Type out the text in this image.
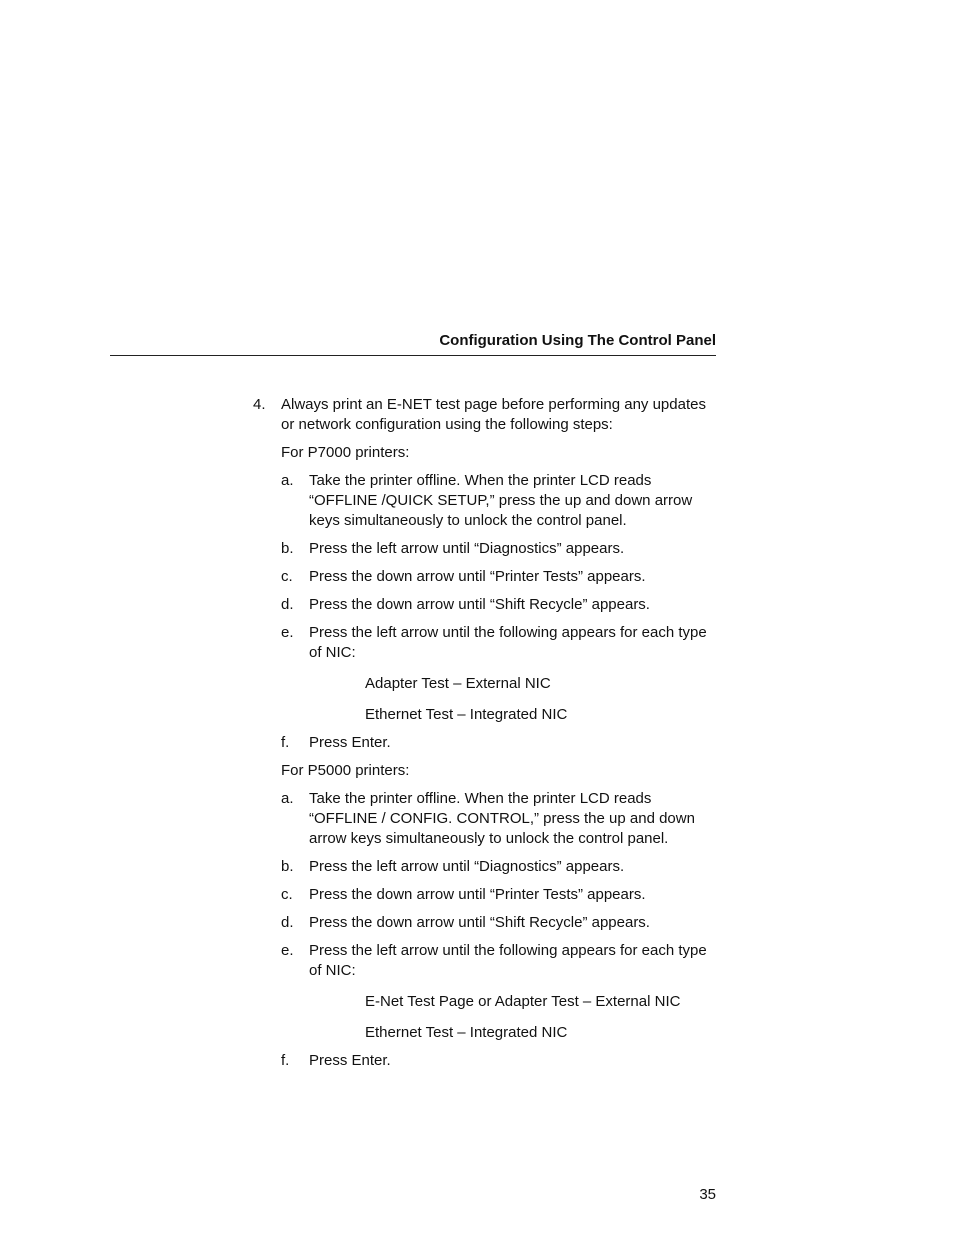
Configuration Using The Control Panel
4.	Always print an E-NET test page before performing any updates or network configuration using the following steps:
For P7000 printers:
a.	Take the printer offline. When the printer LCD reads “OFFLINE /QUICK SETUP,” press the up and down arrow keys simultaneously to unlock the control panel.
b.	Press the left arrow until “Diagnostics” appears.
c.	Press the down arrow until “Printer Tests” appears.
d.	Press the down arrow until “Shift Recycle” appears.
e.	Press the left arrow until the following appears for each type of NIC:
Adapter Test – External NIC
Ethernet Test – Integrated NIC
f.	Press Enter.
For P5000 printers:
a.	Take the printer offline. When the printer LCD reads “OFFLINE / CONFIG. CONTROL,” press the up and down arrow keys simultaneously to unlock the control panel.
b.	Press the left arrow until “Diagnostics” appears.
c.	Press the down arrow until “Printer Tests” appears.
d.	Press the down arrow until “Shift Recycle” appears.
e.	Press the left arrow until the following appears for each type of NIC:
E-Net Test Page or Adapter Test – External NIC
Ethernet Test – Integrated NIC
f.	Press Enter.
35
